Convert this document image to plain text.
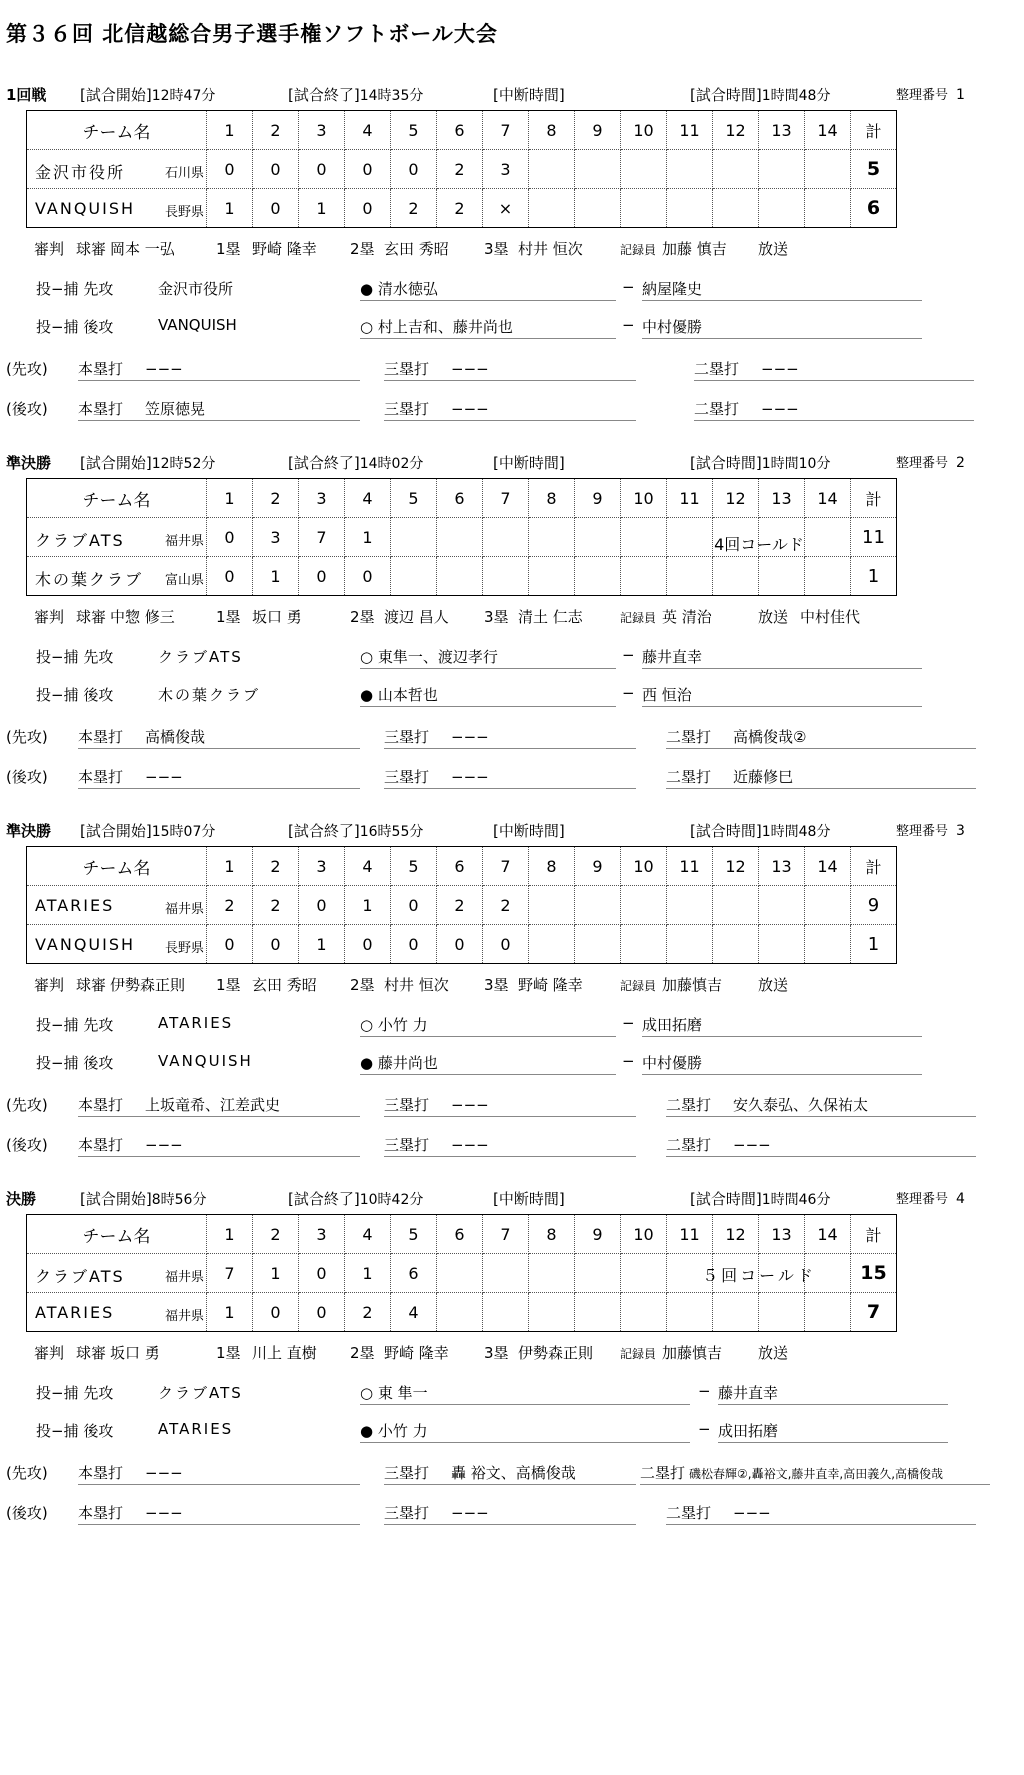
第３６回 北信越総合男子選手権ソフトボール大会
1回戦 [試合開始]12時47分	[試合終了]14時35分	[中断時間]	[試合時間]1時間48分	整理番号 1
チーム名	1	2	3	4	5	6	7	8	9	10	11	12	13	14	計

金沢市役所 石川県	0	0	0	0	0	2	3								5

VANQUISH 長野県	1	0	1	0	2	2	×								6
審判 球審 岡本 一弘	1塁 野崎 隆幸 2塁 玄田 秀昭 3塁 村井 恒次	記録員 加藤 慎吉 放送
投−捕 先攻	金沢市役所	● 清水徳弘	− 納屋隆史
投−捕 後攻	VANQUISH	○ 村上吉和、藤井尚也	− 中村優勝
(先攻) 本塁打 −−−	三塁打 −−−	二塁打 −−−
(後攻) 本塁打 笠原徳晃	三塁打 −−−	二塁打 −−−
準決勝 [試合開始]12時52分	[試合終了]14時02分	[中断時間]	[試合時間]1時間10分	整理番号 2
チーム名	1	2	3	4	5	6	7	8	9	10	11	12	13	14	計

クラブATS 福井県	0	3	7	1								4回コールド			11

木の葉クラブ 富山県	0	1	0	0											1
審判 球審 中惣 修三	1塁 坂口 勇	2塁 渡辺 昌人 3塁 清土 仁志	記録員 英 清治	放送 中村佳代
投−捕 先攻	クラブATS	○ 東隼一、渡辺孝行	− 藤井直幸
投−捕 後攻	木の葉クラブ	● 山本哲也	− 西 恒治
(先攻) 本塁打 高橋俊哉	三塁打 −−−	二塁打 高橋俊哉②
(後攻) 本塁打 −−−	三塁打 −−−	二塁打 近藤修巳
準決勝 [試合開始]15時07分	[試合終了]16時55分	[中断時間]	[試合時間]1時間48分	整理番号 3
チーム名	1	2	3	4	5	6	7	8	9	10	11	12	13	14	計

ATARIES 福井県	2	2	0	1	0	2	2								9

VANQUISH 長野県	0	0	1	0	0	0	0								1
審判 球審 伊勢森正則 1塁 玄田 秀昭 2塁 村井 恒次 3塁 野崎 隆幸	記録員 加藤慎吉 放送
投−捕 先攻	ATARIES	○ 小竹 力	− 成田拓磨
投−捕 後攻	VANQUISH	● 藤井尚也	− 中村優勝
(先攻) 本塁打 上坂竜希、江差武史	三塁打 −−−	二塁打 安久泰弘、久保祐太
(後攻) 本塁打 −−−	三塁打 −−−	二塁打 −−−
決勝	[試合開始]8時56分	[試合終了]10時42分	[中断時間]	[試合時間]1時間46分	整理番号 4
チーム名	1	2	3	4	5	6	7	8	9	10	11	12	13	14	計

クラブATS 福井県	7	1	0	1	6							５回コールド			15

ATARIES 福井県	1	0	0	2	4										7
審判 球審 坂口 勇	1塁 川上 直樹 2塁 野崎 隆幸 3塁 伊勢森正則 記録員 加藤慎吉 放送
投−捕 先攻	クラブATS	○ 東 隼一	− 藤井直幸
投−捕 後攻	ATARIES	● 小竹 力	− 成田拓磨
(先攻) 本塁打 −−−	三塁打 轟 裕文、高橋俊哉	二塁打 磯松春輝②,轟裕文,藤井直幸,高田義久,高橋俊哉
(後攻) 本塁打 −−−	三塁打 −−−	二塁打 −−−
